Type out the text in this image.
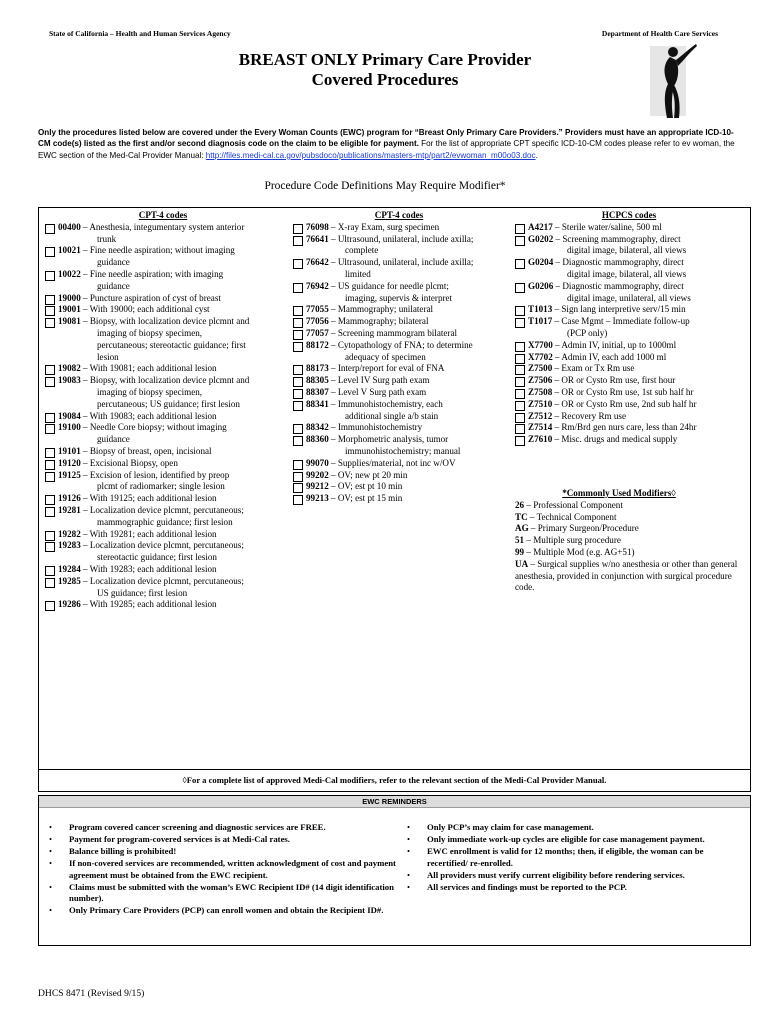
State of California – Health and Human Services Agency	Department of Health Care Services
BREAST ONLY Primary Care Provider
Covered Procedures
Only the procedures listed below are covered under the Every Woman Counts (EWC) program for “Breast Only Primary Care Providers.” Providers must have an appropriate ICD-10-CM code(s) listed as the first and/or second diagnosis code on the claim to be eligible for payment. For the list of appropriate CPT specific ICD-10-CM codes please refer to ev woman, the EWC section of the Med-Cal Provider Manual: http://files.medi-cal.ca.gov/pubsdoco/publications/masters-mtp/part2/evwoman_m00o03.doc.
Procedure Code Definitions May Require Modifier*
CPT-4 codes
00400 – Anesthesia, integumentary system anterior
trunk
10021 – Fine needle aspiration; without imaging
guidance
10022 – Fine needle aspiration; with imaging
guidance
19000 – Puncture aspiration of cyst of breast
19001 – With 19000; each additional cyst
19081 – Biopsy, with localization device plcmnt and
imaging of biopsy specimen,
percutaneous; stereotactic guidance; first
lesion
19082 – With 19081; each additional lesion
19083 – Biopsy, with localization device plcmnt and
imaging of biopsy specimen,
percutaneous; US guidance; first lesion
19084 – With 19083; each additional lesion
19100 – Needle Core biopsy; without imaging
guidance
19101 – Biopsy of breast, open, incisional
19120 – Excisional Biopsy, open
19125 – Excision of lesion, identified by preop
plcmt of radiomarker; single lesion
19126 – With 19125; each additional lesion
19281 – Localization device plcmnt, percutaneous;
mammographic guidance; first lesion
19282 – With 19281; each additional lesion
19283 – Localization device plcmnt, percutaneous;
stereotactic guidance; first lesion
19284 – With 19283; each additional lesion
19285 – Localization device plcmnt, percutaneous;
US guidance; first lesion
19286 – With 19285; each additional lesion
CPT-4 codes
76098 – X-ray Exam, surg specimen
76641 – Ultrasound, unilateral, include axilla;
complete
76642 – Ultrasound, unilateral, include axilla;
limited
76942 – US guidance for needle plcmt;
imaging, supervis & interpret
77055 – Mammography; unilateral
77056 – Mammography; bilateral
77057 – Screening mammogram bilateral
88172 – Cytopathology of FNA; to determine
adequacy of specimen
88173 – Interp/report for eval of FNA
88305 – Level IV Surg path exam
88307 – Level V Surg path exam
88341 – Immunohistochemistry, each
additional single a/b stain
88342 – Immunohistochemistry
88360 – Morphometric analysis, tumor
immunohistochemistry; manual
99070 – Supplies/material, not inc w/OV
99202 – OV; new pt 20 min
99212 – OV; est pt 10 min
99213 – OV; est pt 15 min
HCPCS codes
A4217 – Sterile water/saline, 500 ml
G0202 – Screening mammography, direct
digital image, bilateral, all views
G0204 – Diagnostic mammography, direct
digital image, bilateral, all views
G0206 – Diagnostic mammography, direct
digital image, unilateral, all views
T1013 – Sign lang interpretive serv/15 min
T1017 – Case Mgmt – Immediate follow-up
(PCP only)
X7700 – Admin IV, initial, up to 1000ml
X7702 – Admin IV, each add 1000 ml
Z7500 – Exam or Tx Rm use
Z7506 – OR or Cysto Rm use, first hour
Z7508 – OR or Cysto Rm use, 1st sub half hr
Z7510 – OR or Cysto Rm use, 2nd sub half hr
Z7512 – Recovery Rm use
Z7514 – Rm/Brd gen nurs care, less than 24hr
Z7610 – Misc. drugs and medical supply
*Commonly Used Modifiers◊
26 – Professional Component
TC – Technical Component
AG – Primary Surgeon/Procedure
51 – Multiple surg procedure
99 – Multiple Mod (e.g. AG+51)
UA – Surgical supplies w/no anesthesia or other than general anesthesia, provided in conjunction with surgical procedure code.
◊For a complete list of approved Medi-Cal modifiers, refer to the relevant section of the Medi-Cal Provider Manual.
EWC REMINDERS
• Program covered cancer screening and diagnostic services are FREE.
• Payment for program-covered services is at Medi-Cal rates.
• Balance billing is prohibited!
• If non-covered services are recommended, written acknowledgment of cost and payment agreement must be obtained from the EWC recipient.
• Claims must be submitted with the woman’s EWC Recipient ID# (14 digit identification number).
• Only Primary Care Providers (PCP) can enroll women and obtain the Recipient ID#.
• Only PCP’s may claim for case management.
• Only immediate work-up cycles are eligible for case management payment.
• EWC enrollment is valid for 12 months; then, if eligible, the woman can be recertified/ re-enrolled.
• All providers must verify current eligibility before rendering services.
• All services and findings must be reported to the PCP.
DHCS 8471 (Revised 9/15)
